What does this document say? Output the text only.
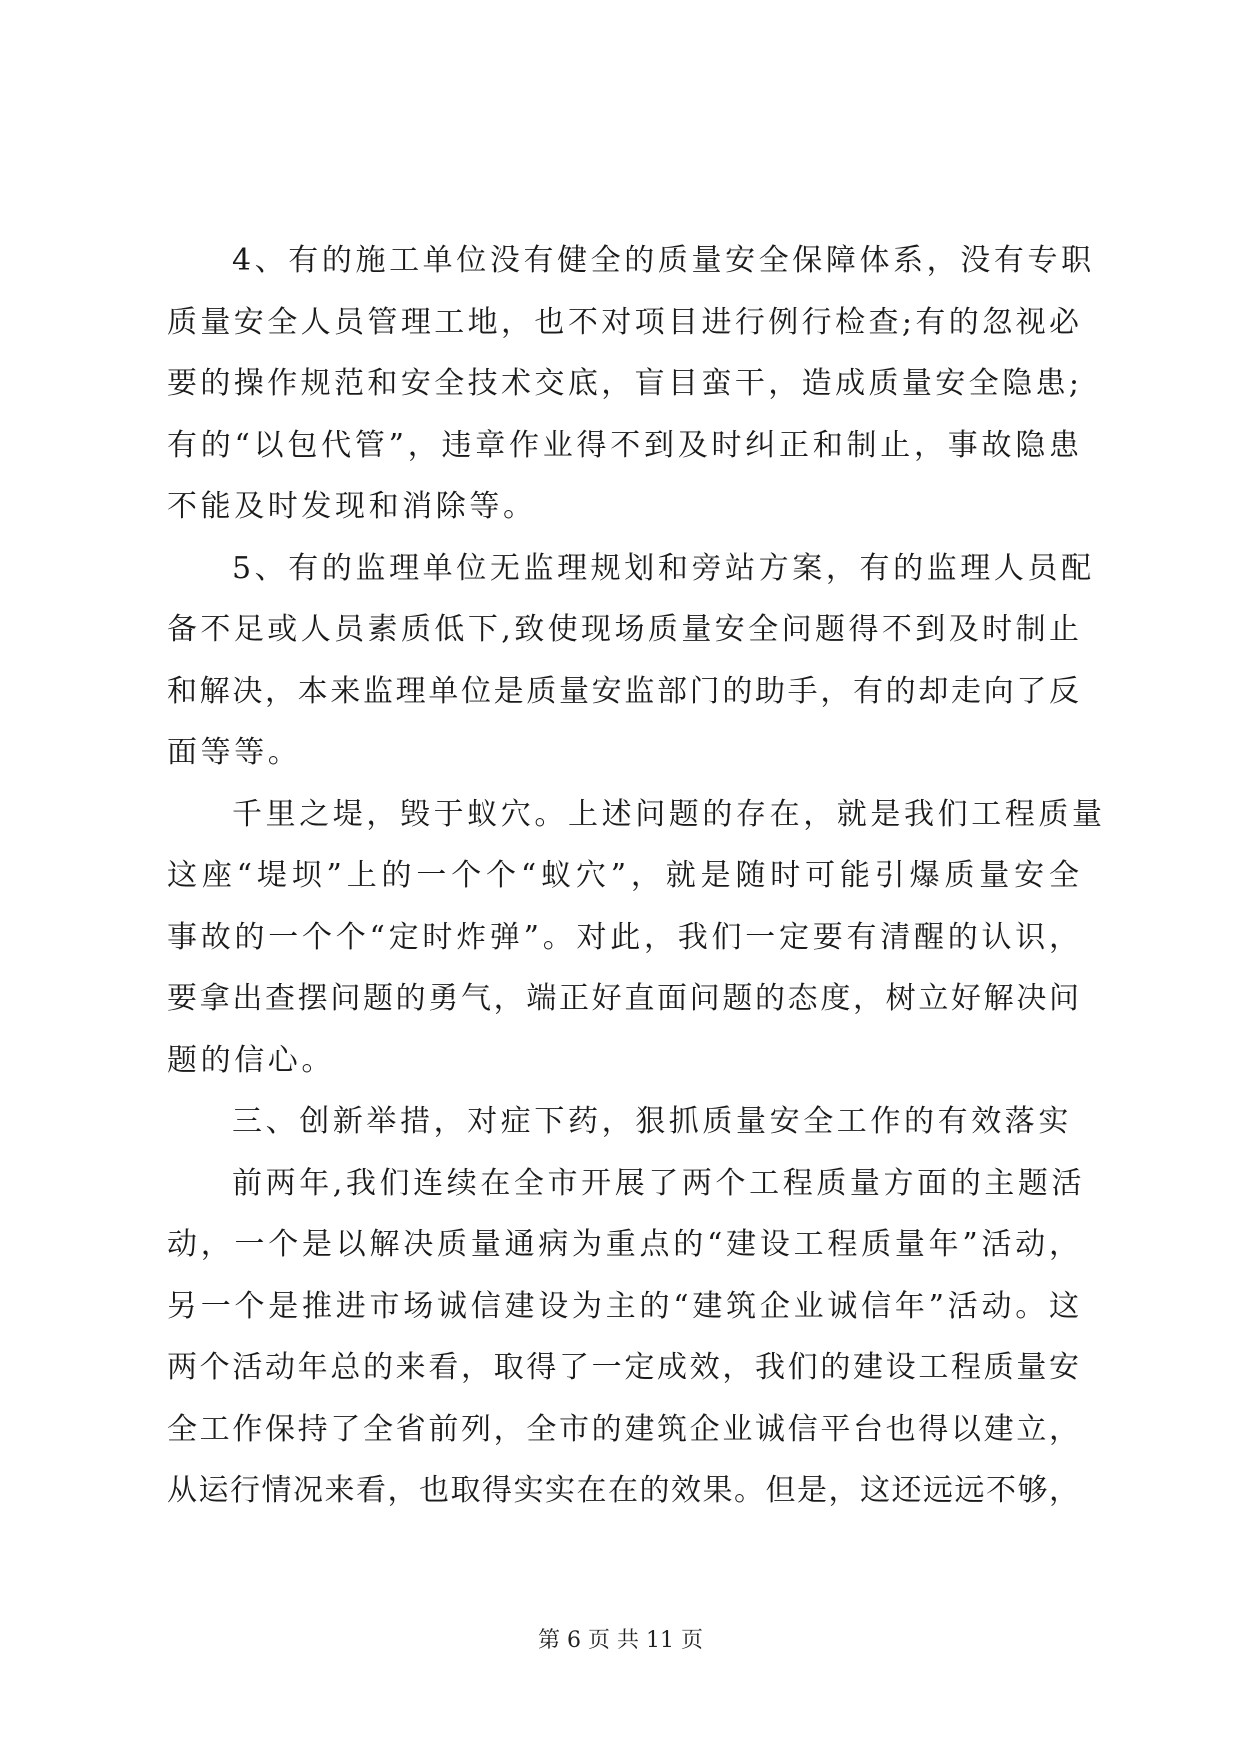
4、有的施工单位没有健全的质量安全保障体系，没有专职
质量安全人员管理工地，也不对项目进行例行检查;有的忽视必
要的操作规范和安全技术交底，盲目蛮干，造成质量安全隐患;
有的“以包代管”，违章作业得不到及时纠正和制止，事故隐患
不能及时发现和消除等。
5、有的监理单位无监理规划和旁站方案，有的监理人员配
备不足或人员素质低下,致使现场质量安全问题得不到及时制止
和解决，本来监理单位是质量安监部门的助手，有的却走向了反
面等等。
千里之堤，毁于蚁穴。上述问题的存在，就是我们工程质量
这座“堤坝”上的一个个“蚁穴”，就是随时可能引爆质量安全
事故的一个个“定时炸弹”。对此，我们一定要有清醒的认识，
要拿出查摆问题的勇气，端正好直面问题的态度，树立好解决问
题的信心。
三、创新举措，对症下药，狠抓质量安全工作的有效落实
前两年,我们连续在全市开展了两个工程质量方面的主题活
动，一个是以解决质量通病为重点的“建设工程质量年”活动，
另一个是推进市场诚信建设为主的“建筑企业诚信年”活动。这
两个活动年总的来看，取得了一定成效，我们的建设工程质量安
全工作保持了全省前列，全市的建筑企业诚信平台也得以建立，
从运行情况来看，也取得实实在在的效果。但是，这还远远不够，
第 6 页 共 11 页
